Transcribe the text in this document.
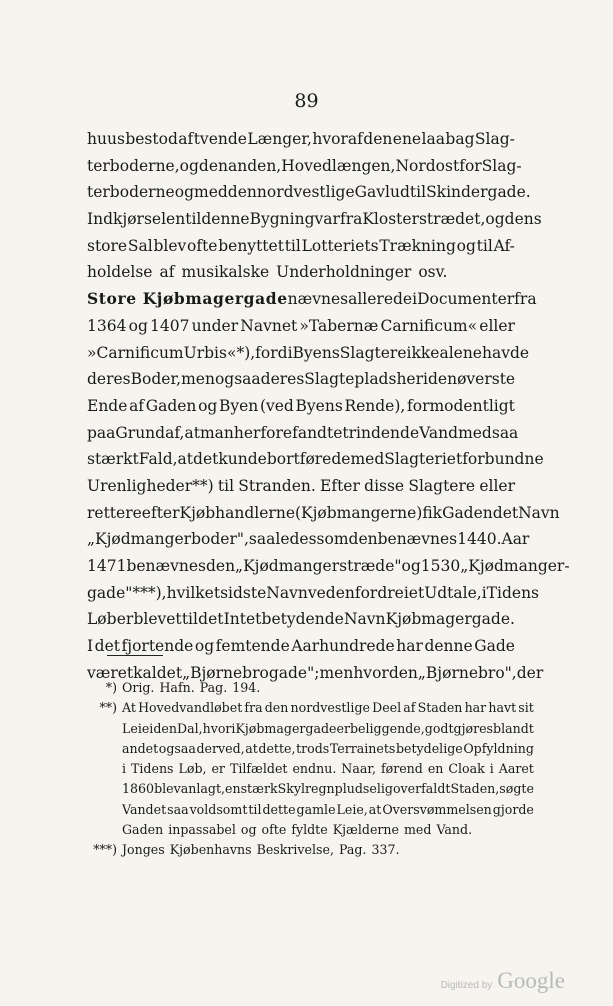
89
huus bestod af tvende Længer, hvoraf den ene laa bag Slag-
terboderne, og den anden, Hovedlængen, Nordost for Slag-
terboderne og med den nordvestlige Gavl ud til Skindergade.
Indkjørselen til denne Bygning var fra Klosterstrædet, og dens
store Sal blev ofte benyttet til Lotteriets Trækning og til Af-
holdelse af musikalske Underholdninger osv.
Store Kjøbmagergade nævnes allerede i Documenter fra
1364 og 1407 under Navnet »Tabernæ Carnificum« eller
»Carnificum Urbis« *), fordi Byens Slagtere ikke alene havde
deres Boder, men ogsaa deres Slagteplads her i den øverste
Ende af Gaden og Byen (ved Byens Rende), formodentligt
paa Grund af, at man her forefandt et rindende Vand med saa
stærkt Fald, at det kunde bortføre de med Slagteriet forbundne
Urenligheder**) til Stranden. Efter disse Slagtere eller
rettere efter Kjøbhandlerne (Kjøbmangerne) fik Gaden det Navn
„Kjødmangerboder", saaledes som den benævnes 1440. Aar
1471 benævnes den „Kjødmangerstræde" og 1530 „Kjødmanger-
gade"***), hvilket sidste Navn ved en fordreiet Udtale, i Tidens
Løb er blevet til det Intet betydende Navn Kjøbmagergade.
I det fjortende og femtende Aarhundrede har denne Gade
været kaldet „Bjørnebrogade"; men hvor den „Bjørnebro", der
*) Orig. Hafn. Pag. 194.
**) At Hovedvandløbet fra den nordvestlige Deel af Staden har havt sit
Leie i den Dal, hvori Kjøbmagergade er beliggende, godtgjøres blandt
andet ogsaa derved, at dette, trods Terrainets betydelige Opfyldning
i Tidens Løb, er Tilfældet endnu. Naar, førend en Cloak i Aaret
1860 blev anlagt, en stærk Skylregn pludselig overfaldt Staden, søgte
Vandet saa voldsomt til dette gamle Leie, at Oversvømmelsen gjorde
Gaden inpassabel og ofte fyldte Kjælderne med Vand.
***) Jonges Kjøbenhavns Beskrivelse, Pag. 337.
Digitized by Google
